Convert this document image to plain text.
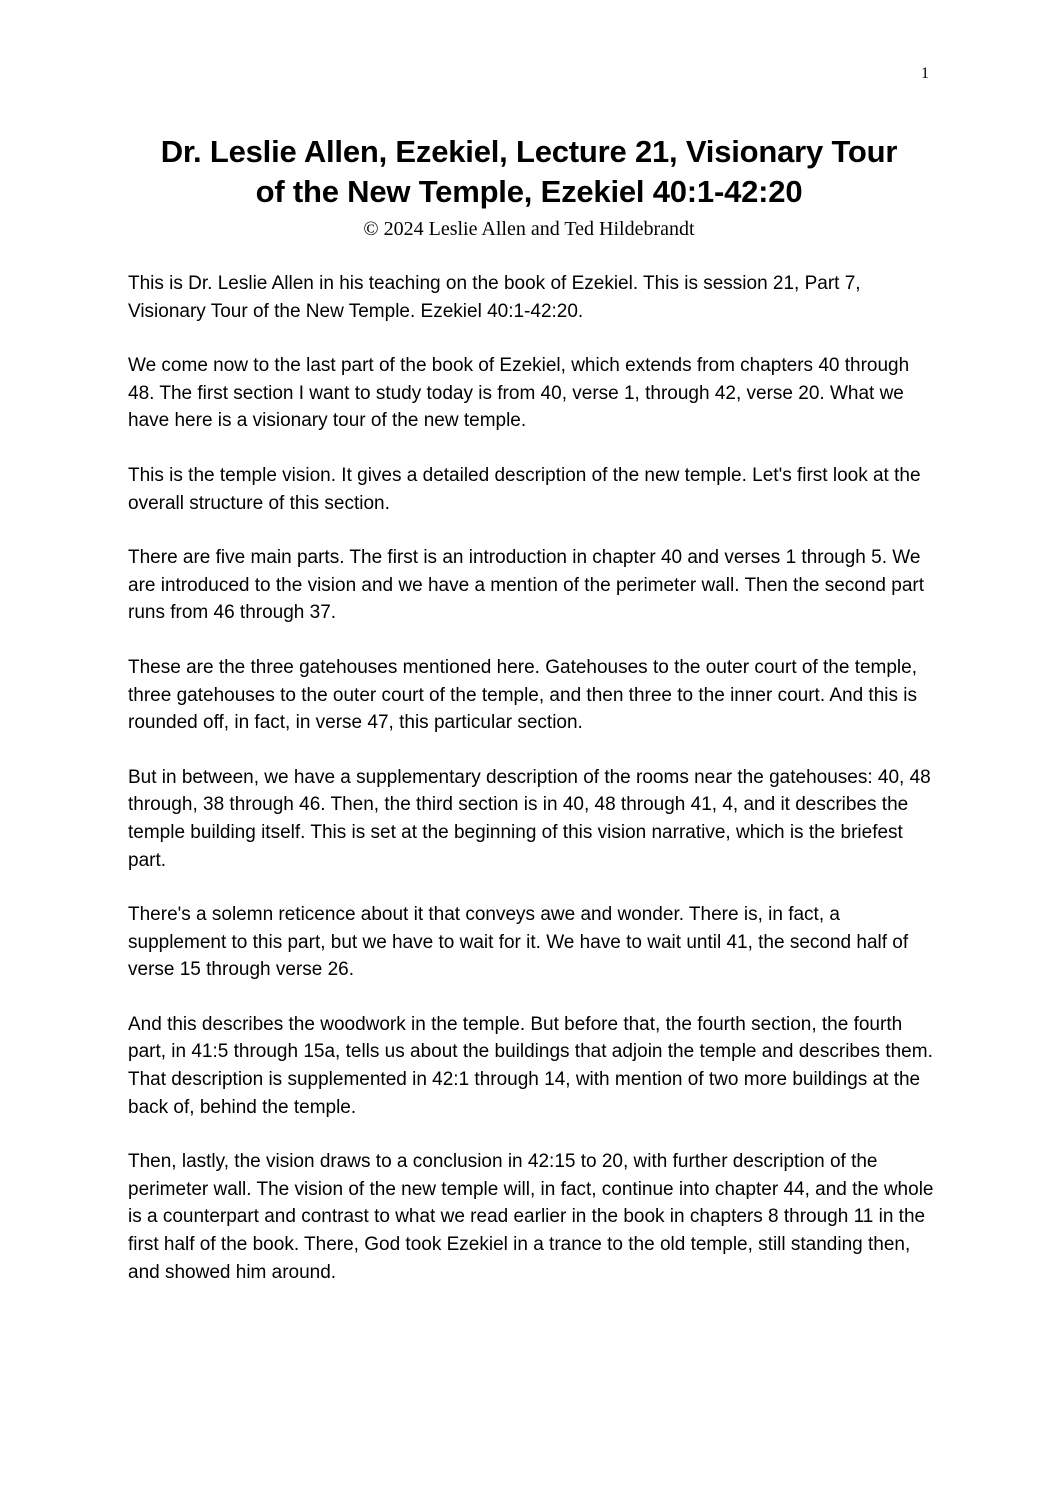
1
Dr. Leslie Allen, Ezekiel, Lecture 21, Visionary Tour
of the New Temple, Ezekiel 40:1-42:20
© 2024 Leslie Allen and Ted Hildebrandt

This is Dr. Leslie Allen in his teaching on the book of Ezekiel. This is session 21, Part 7, Visionary Tour of the New Temple. Ezekiel 40:1-42:20.

We come now to the last part of the book of Ezekiel, which extends from chapters 40 through 48. The first section I want to study today is from 40, verse 1, through 42, verse 20. What we have here is a visionary tour of the new temple.

This is the temple vision. It gives a detailed description of the new temple. Let's first look at the overall structure of this section.

There are five main parts. The first is an introduction in chapter 40 and verses 1 through 5. We are introduced to the vision and we have a mention of the perimeter wall. Then the second part runs from 46 through 37.

These are the three gatehouses mentioned here. Gatehouses to the outer court of the temple, three gatehouses to the outer court of the temple, and then three to the inner court. And this is rounded off, in fact, in verse 47, this particular section.

But in between, we have a supplementary description of the rooms near the gatehouses: 40, 48 through, 38 through 46. Then, the third section is in 40, 48 through 41, 4, and it describes the temple building itself. This is set at the beginning of this vision narrative, which is the briefest part.

There's a solemn reticence about it that conveys awe and wonder. There is, in fact, a supplement to this part, but we have to wait for it. We have to wait until 41, the second half of verse 15 through verse 26.

And this describes the woodwork in the temple. But before that, the fourth section, the fourth part, in 41:5 through 15a, tells us about the buildings that adjoin the temple and describes them. That description is supplemented in 42:1 through 14, with mention of two more buildings at the back of, behind the temple.

Then, lastly, the vision draws to a conclusion in 42:15 to 20, with further description of the perimeter wall. The vision of the new temple will, in fact, continue into chapter 44, and the whole is a counterpart and contrast to what we read earlier in the book in chapters 8 through 11 in the first half of the book. There, God took Ezekiel in a trance to the old temple, still standing then, and showed him around.
